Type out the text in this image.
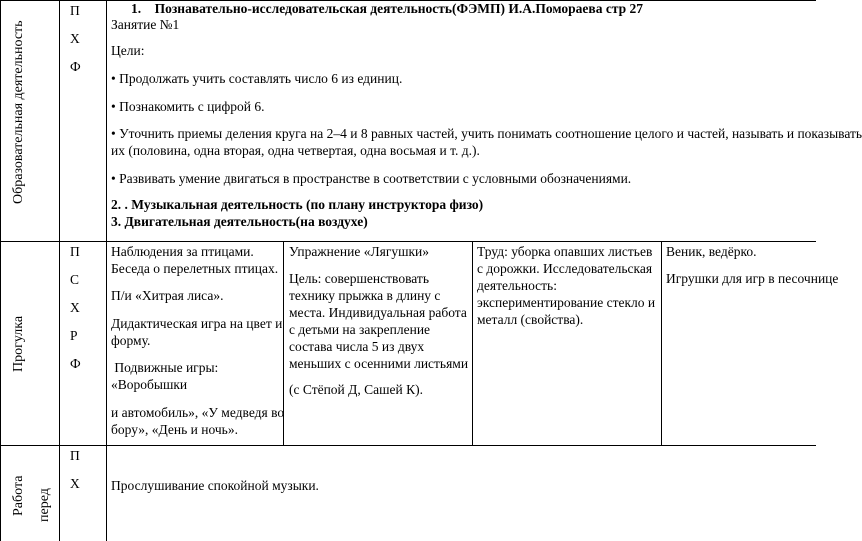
Образовательная деятельность
П
Х
Ф
1. Познавательно-исследовательская деятельность(ФЭМП) И.А.Помораева стр 27
Занятие №1
Цели:
• Продолжать учить составлять число 6 из единиц.
• Познакомить с цифрой 6.
• Уточнить приемы деления круга на 2–4 и 8 равных частей, учить понимать соотношение целого и частей, называть и показывать
их (половина, одна вторая, одна четвертая, одна восьмая и т. д.).
• Развивать умение двигаться в пространстве в соответствии с условными обозначениями.
2. . Музыкальная деятельность (по плану инструктора физо)
3. Двигательная деятельность(на воздухе)
Прогулка
П
С
Х
Р
Ф
Наблюдения за птицами.
Беседа о перелетных птицах.
П/и «Хитрая лиса».
Дидактическая игра на цвет и
форму.
Подвижные игры:
«Воробышки
и автомобиль», «У медведя во
бору», «День и ночь».
Упражнение «Лягушки»
Цель: совершенствовать
технику прыжка в длину с
места. Индивидуальная работа
с детьми на закрепление
состава числа 5 из двух
меньших с осенними листьями
(с Стёпой Д, Сашей К).
Труд: уборка опавших листьев
с дорожки. Исследовательская
деятельность:
экспериментирование стекло и
металл (свойства).
Веник, ведёрко.
Игрушки для игр в песочнице
Работа перед
П
Х Прослушивание спокойной музыки.
